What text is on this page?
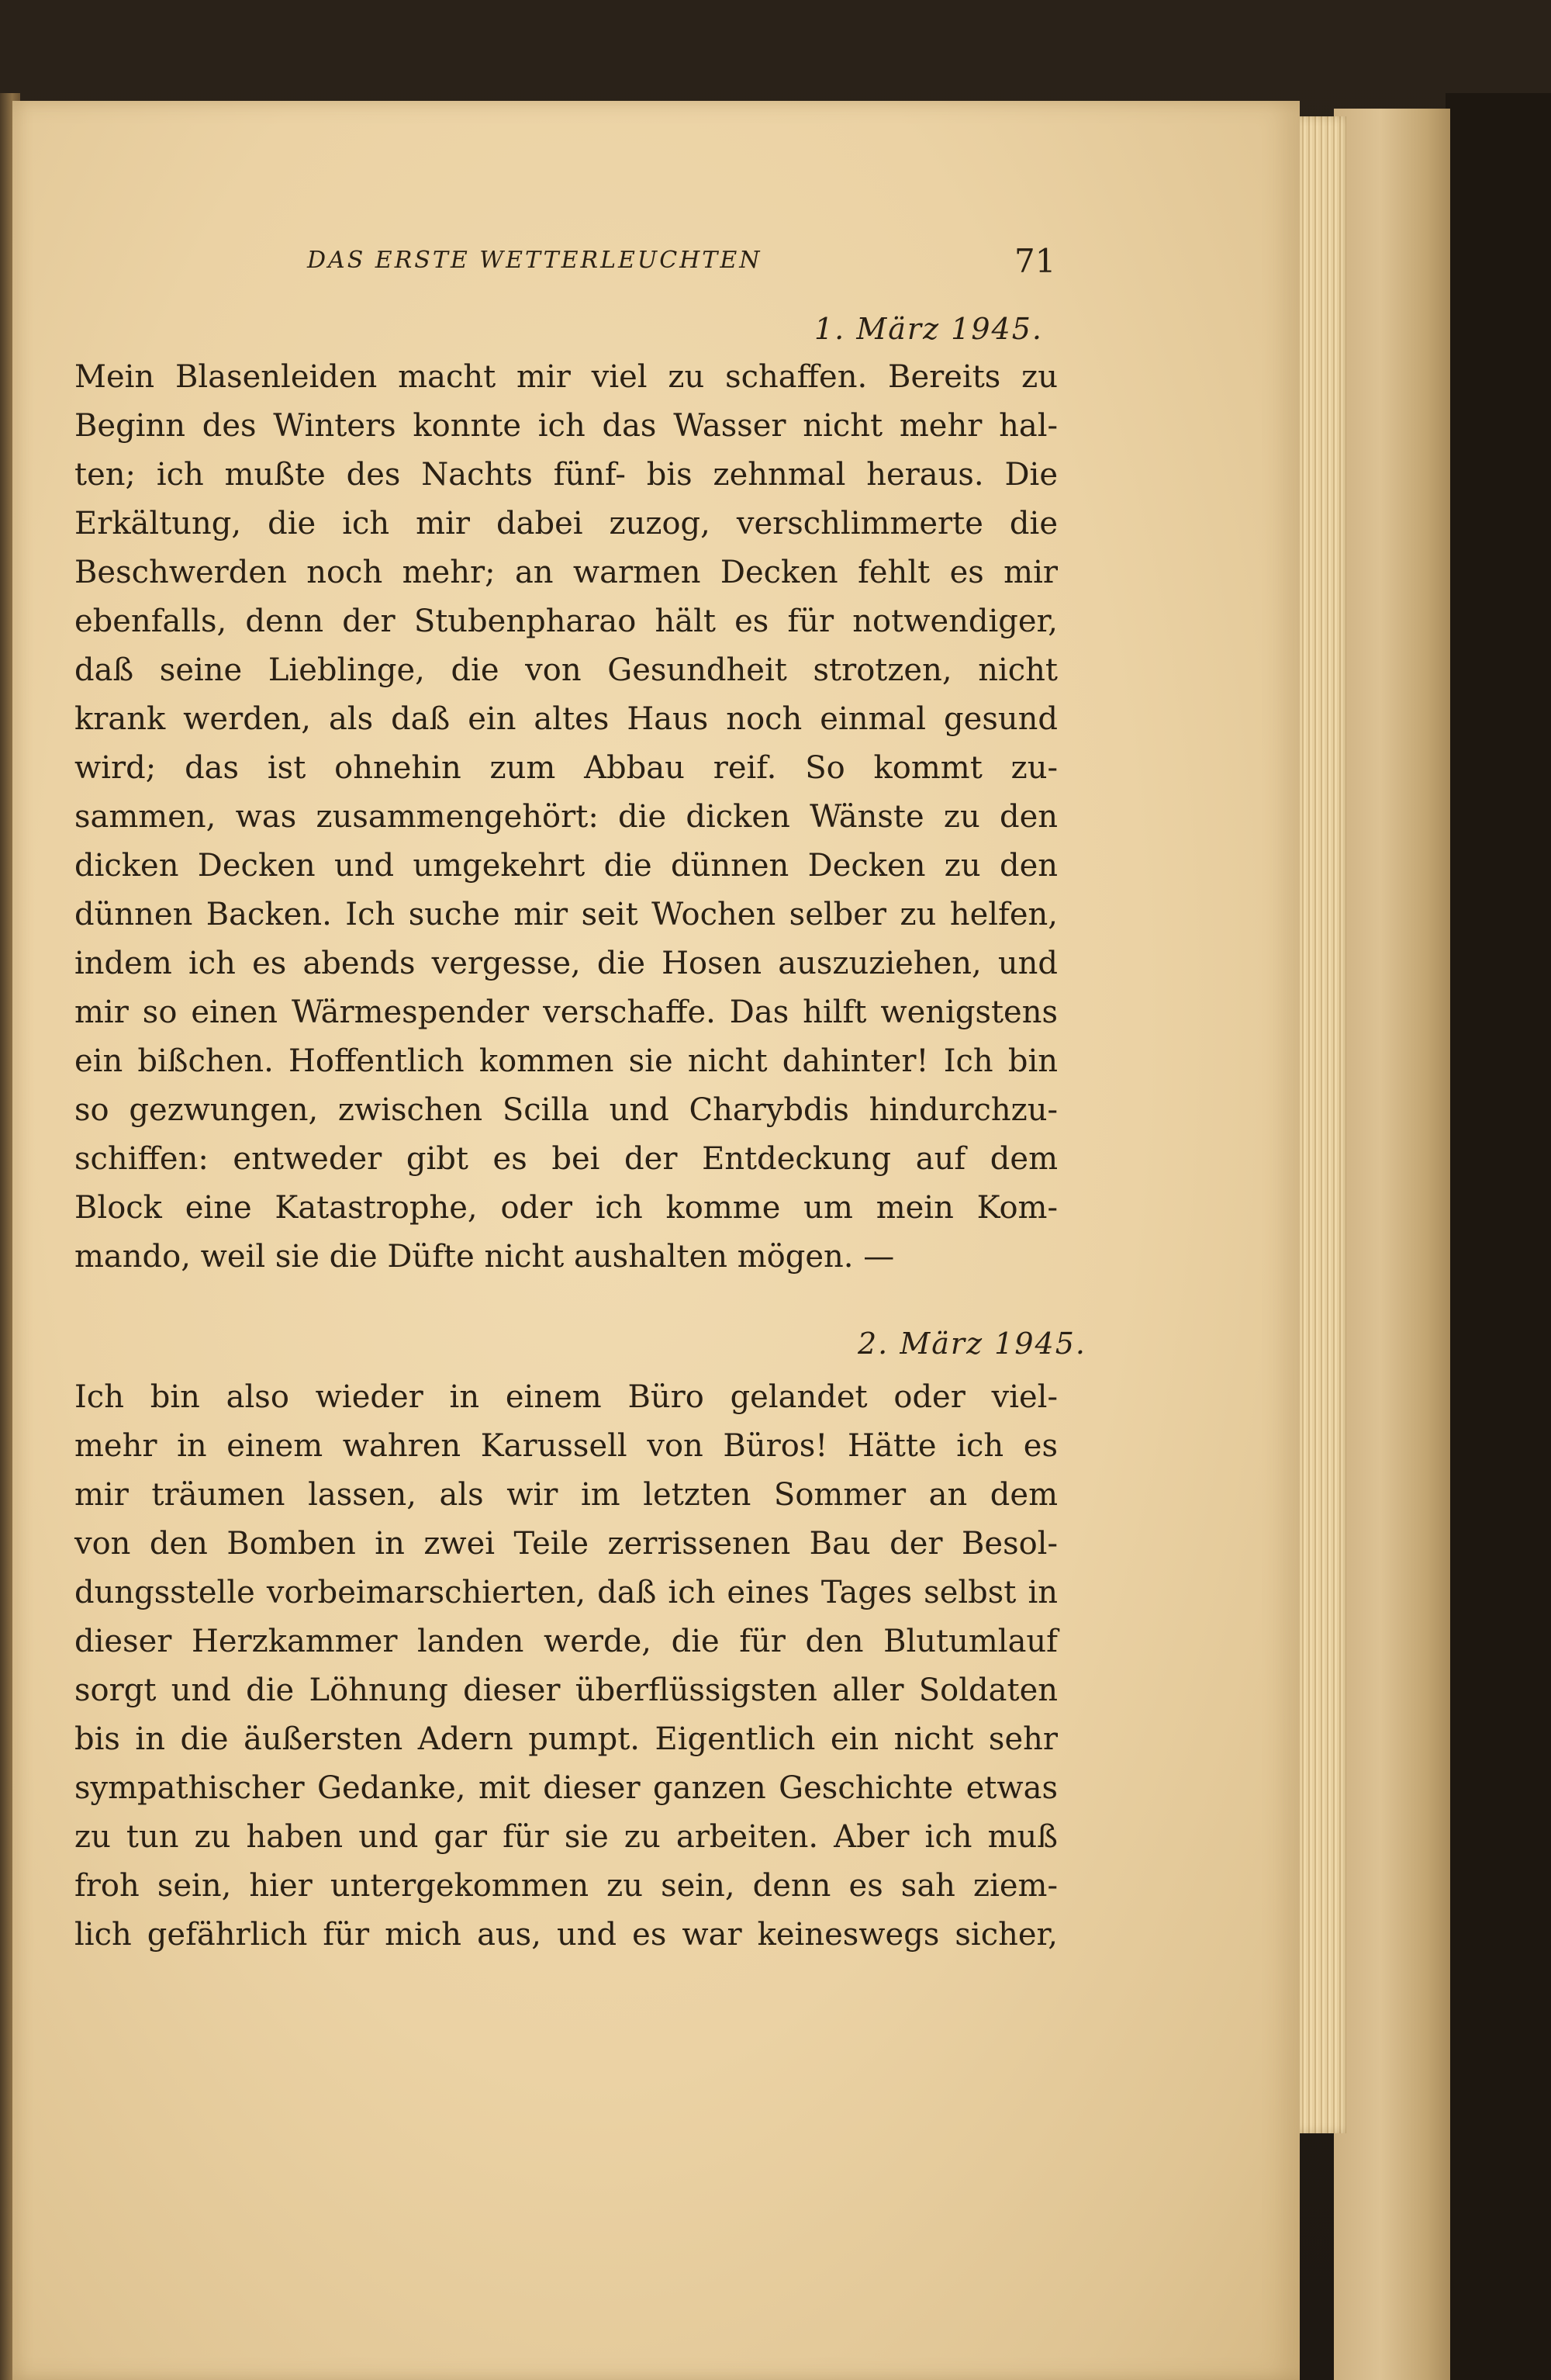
DAS ERSTE WETTERLEUCHTEN	71
1. März 1945.
Mein Blasenleiden macht mir viel zu schaffen. Bereits zu
Beginn des Winters konnte ich das Wasser nicht mehr hal-
ten; ich mußte des Nachts fünf- bis zehnmal heraus. Die
Erkältung, die ich mir dabei zuzog, verschlimmerte die
Beschwerden noch mehr; an warmen Decken fehlt es mir
ebenfalls, denn der Stubenpharao hält es für notwendiger,
daß seine Lieblinge, die von Gesundheit strotzen, nicht
krank werden, als daß ein altes Haus noch einmal gesund
wird; das ist ohnehin zum Abbau reif. So kommt zu-
sammen, was zusammengehört: die dicken Wänste zu den
dicken Decken und umgekehrt die dünnen Decken zu den
dünnen Backen. Ich suche mir seit Wochen selber zu helfen,
indem ich es abends vergesse, die Hosen auszuziehen, und
mir so einen Wärmespender verschaffe. Das hilft wenigstens
ein bißchen. Hoffentlich kommen sie nicht dahinter! Ich bin
so gezwungen, zwischen Scilla und Charybdis hindurchzu-
schiffen: entweder gibt es bei der Entdeckung auf dem
Block eine Katastrophe, oder ich komme um mein Kom-
mando, weil sie die Düfte nicht aushalten mögen. —
2. März 1945.
Ich bin also wieder in einem Büro gelandet oder viel-
mehr in einem wahren Karussell von Büros! Hätte ich es
mir träumen lassen, als wir im letzten Sommer an dem
von den Bomben in zwei Teile zerrissenen Bau der Besol-
dungsstelle vorbeimarschierten, daß ich eines Tages selbst in
dieser Herzkammer landen werde, die für den Blutumlauf
sorgt und die Löhnung dieser überflüssigsten aller Soldaten
bis in die äußersten Adern pumpt. Eigentlich ein nicht sehr
sympathischer Gedanke, mit dieser ganzen Geschichte etwas
zu tun zu haben und gar für sie zu arbeiten. Aber ich muß
froh sein, hier untergekommen zu sein, denn es sah ziem-
lich gefährlich für mich aus, und es war keineswegs sicher,
